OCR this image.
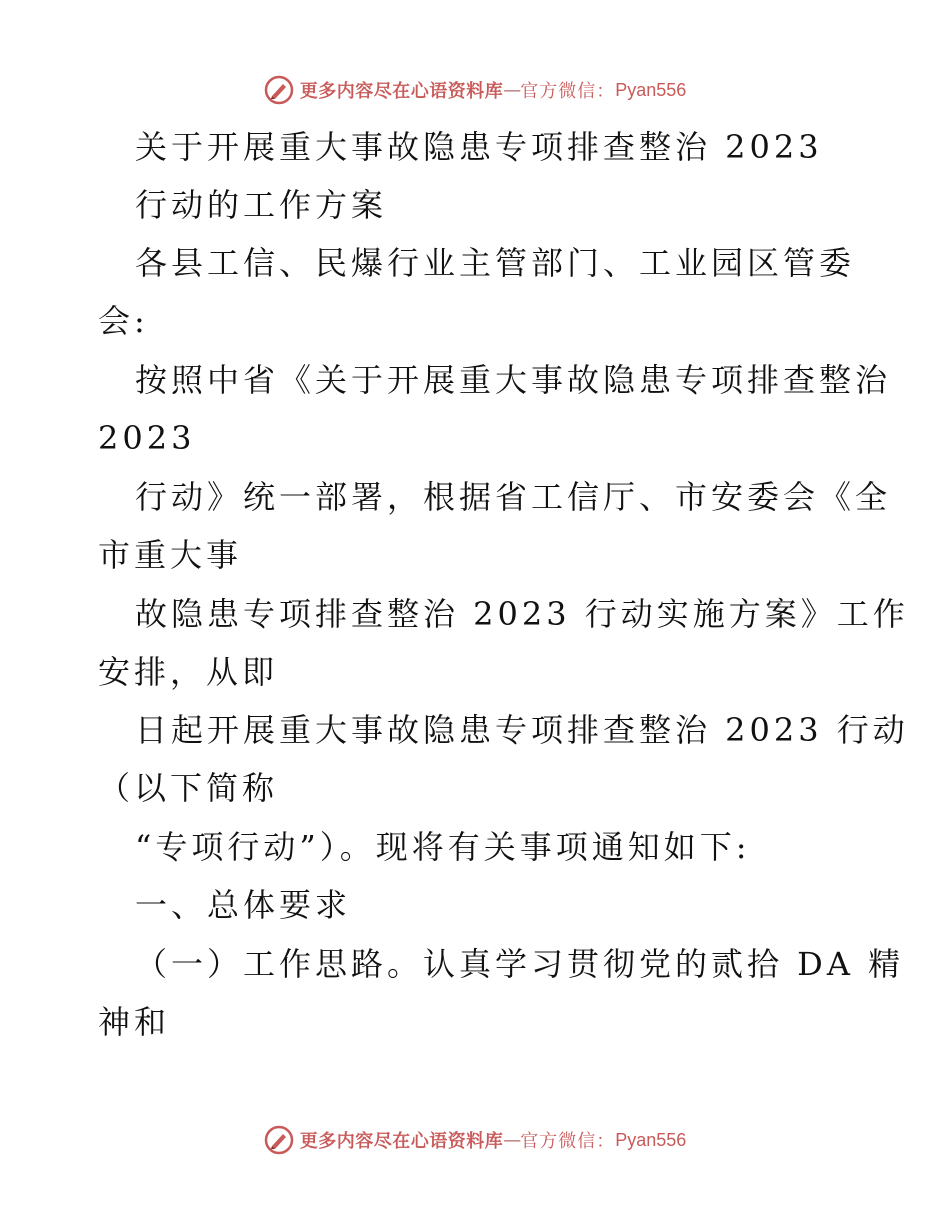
更多内容尽在心语资料库 — 官方微信： Pyan556
关于开展重大事故隐患专项排查整治 2023
行动的工作方案
各县工信、民爆行业主管部门、工业园区管委
会:
按照中省《关于开展重大事故隐患专项排查整治
2023
行动》统一部署，根据省工信厅、市安委会《全
市重大事
故隐患专项排查整治 2023 行动实施方案》工作
安排，从即
日起开展重大事故隐患专项排查整治 2023 行动
（以下简称
“专项行动”）。现将有关事项通知如下:
一、总体要求
（一）工作思路。认真学习贯彻党的贰拾 DA 精
神和
更多内容尽在心语资料库 — 官方微信： Pyan556
